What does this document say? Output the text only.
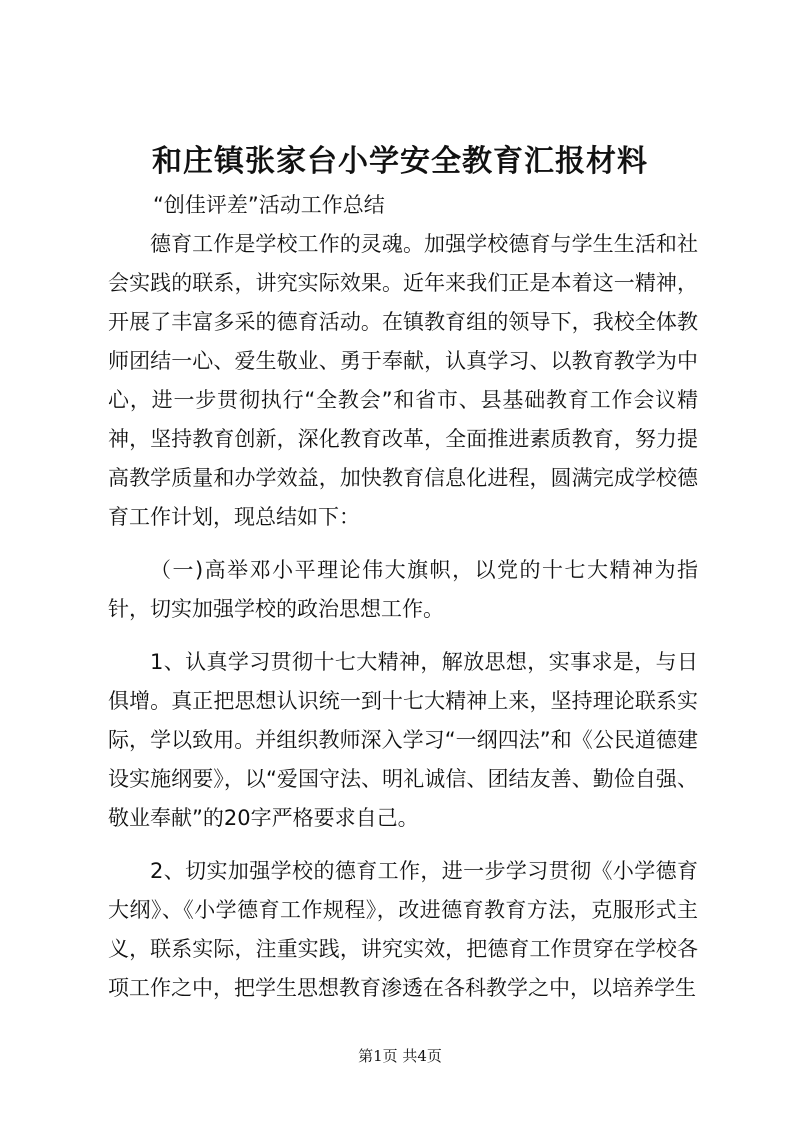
和庄镇张家台小学安全教育汇报材料

“创佳评差”活动工作总结

德育工作是学校工作的灵魂。加强学校德育与学生生活和社会实践的联系，讲究实际效果。近年来我们正是本着这一精神，开展了丰富多采的德育活动。在镇教育组的领导下，我校全体教师团结一心、爱生敬业、勇于奉献，认真学习、以教育教学为中心，进一步贯彻执行“全教会”和省市、县基础教育工作会议精神，坚持教育创新，深化教育改革，全面推进素质教育，努力提高教学质量和办学效益，加快教育信息化进程，圆满完成学校德育工作计划，现总结如下：

（一)高举邓小平理论伟大旗帜，以党的十七大精神为指针，切实加强学校的政治思想工作。

1、认真学习贯彻十七大精神，解放思想，实事求是，与日俱增。真正把思想认识统一到十七大精神上来，坚持理论联系实际，学以致用。并组织教师深入学习“一纲四法”和《公民道德建设实施纲要》，以“爱国守法、明礼诚信、团结友善、勤俭自强、敬业奉献”的20字严格要求自己。

2、切实加强学校的德育工作，进一步学习贯彻《小学德育大纲》、《小学德育工作规程》，改进德育教育方法，克服形式主义，联系实际，注重实践，讲究实效，把德育工作贯穿在学校各项工作之中，把学生思想教育渗透在各科教学之中，以培养学生

第1页 共4页
